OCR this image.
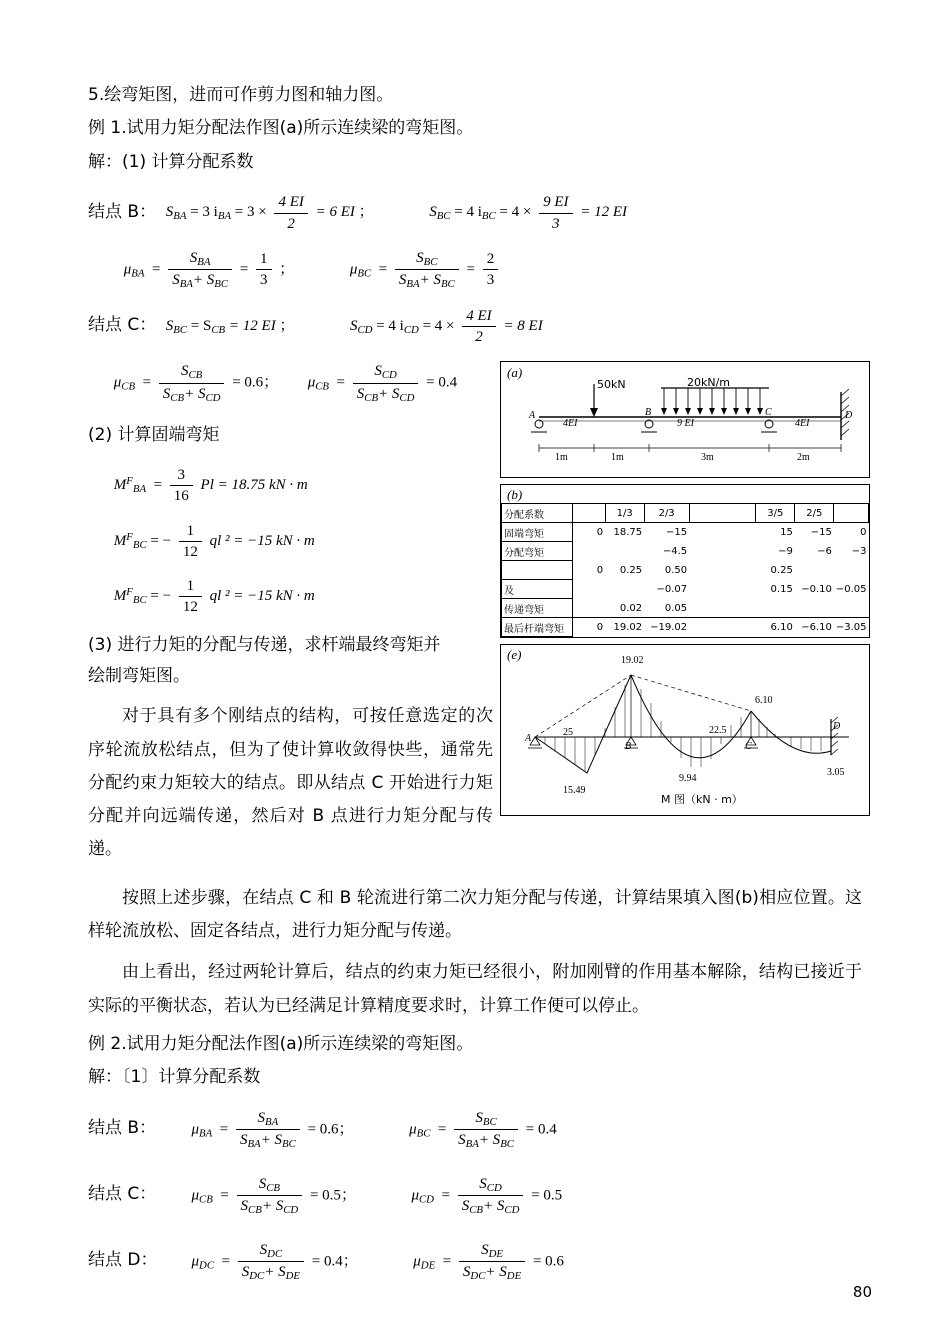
5.绘弯矩图，进而可作剪力图和轴力图。
例 1.试用力矩分配法作图(a)所示连续梁的弯矩图。
解：(1) 计算分配系数
结点 B： $S_{BA} = 3$ $i_{BA} = 3 \times \frac{4 EI}{2} = 6$ EI ；	$S_{BC} = 4$ $i_{BC} = 4 \times \frac{9 EI}{3} = 12$ EI
$\mu_{BA} = \frac{S_{BA}}{S_{BA}+ S_{BC}} = \frac{1}{3}$ ；	$\mu_{BC} = \frac{S_{BC}}{S_{BA}+ S_{BC}} = \frac{2}{3}$
结点 C： $S_{BC} = S_{CB} = 12$ EI ；	$S_{CD} = 4$ $i_{CD} = 4 \times \frac{4 EI}{2} = 8$ EI
$\mu_{CB} = \frac{S_{CB}}{S_{CB}+ S_{CD}} = 0.6$； $\mu_{CB} = \frac{S_{CD}}{S_{CB}+ S_{CD}} = 0.4$
(2) 计算固端弯矩
$M^F_{BA} = \frac{3}{16}$ Pl = 18.75 kN · m
$M^F_{BC}$ = − $\frac{1}{12}$ ql ² = −15 kN · m
$M^F_{BC}$ = − $\frac{1}{12}$ ql ² = −15 kN · m
(3) 进行力矩的分配与传递，求杆端最终弯矩并
绘制弯矩图。
对于具有多个刚结点的结构，可按任意选定的次序轮流放松结点，但为了使计算收敛得快些，通常先分配约束力矩较大的结点。即从结点 C 开始进行力矩分配并向远端传递，然后对 B 点进行力矩分配与传递。
(a)
50kN	20kN/m
A	B	C	D
4EI	9 EI	4EI
1m	1m	3m	2m
(b)
分配系数		1/3	2/3		3/5	2/5	
固端弯矩	0	18.75	−15		15	−15	0
分配弯矩			−4.5		−9	−6	−3
	0	0.25	0.50		0.25		
及			−0.07		0.15	−0.10	−0.05
传递弯矩		0.02	0.05				
最后杆端弯矩	0	19.02	−19.02		6.10	−6.10	−3.05
(e)	19.02
25	22.5
6.10
15.49
9.94
3.05
A
B	C
D
M 图（kN · m）
按照上述步骤，在结点 C 和 B 轮流进行第二次力矩分配与传递，计算结果填入图(b)相应位置。这样轮流放松、固定各结点，进行力矩分配与传递。
由上看出，经过两轮计算后，结点的约束力矩已经很小，附加刚臂的作用基本解除，结构已接近于实际的平衡状态，若认为已经满足计算精度要求时，计算工作便可以停止。
例 2.试用力矩分配法作图(a)所示连续梁的弯矩图。
解：〔1〕计算分配系数
结点 B： $\mu_{BA} = \frac{S_{BA}}{S_{BA}+ S_{BC}} = 0.6$；	$\mu_{BC} = \frac{S_{BC}}{S_{BA}+ S_{BC}} = 0.4$
结点 C： $\mu_{CB} = \frac{S_{CB}}{S_{CB}+ S_{CD}} = 0.5$；	$\mu_{CD} = \frac{S_{CD}}{S_{CB}+ S_{CD}} = 0.5$
结点 D： $\mu_{DC} = \frac{S_{DC}}{S_{DC}+ S_{DE}} = 0.4$；	$\mu_{DE} = \frac{S_{DE}}{S_{DC}+ S_{DE}} = 0.6$
80
